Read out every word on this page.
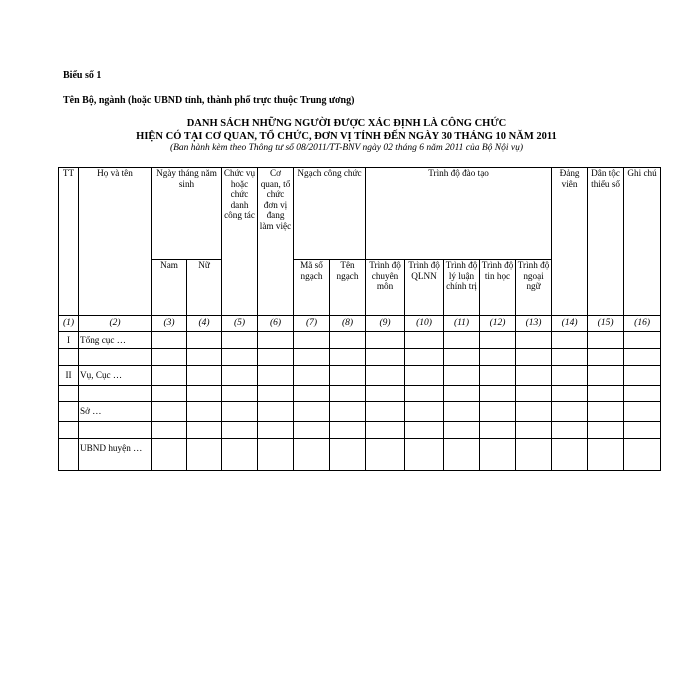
Biểu số 1
Tên Bộ, ngành (hoặc UBND tỉnh, thành phố trực thuộc Trung ương)
DANH SÁCH NHỮNG NGƯỜI ĐƯỢC XÁC ĐỊNH LÀ CÔNG CHỨC
HIỆN CÓ TẠI CƠ QUAN, TỔ CHỨC, ĐƠN VỊ TÍNH ĐẾN NGÀY 30 THÁNG 10 NĂM 2011
(Ban hành kèm theo Thông tư số 08/2011/TT-BNV ngày 02 tháng 6 năm 2011 của Bộ Nội vụ)
TT	Họ và tên	Ngày tháng năm sinh		Chức vụ hoặc chức danh công tác	Cơ quan, tổ chức đơn vị đang làm việc	Ngạch công chức		Trình độ đào tạo					Đảng viên	Dân tộc thiểu số	Ghi chú
		Nam	Nữ			Mã số ngạch	Tên ngạch	Trình độ chuyên môn	Trình độ QLNN	Trình độ lý luận chính trị	Trình độ tin học	Trình độ ngoại ngữ			
(1)	(2)	(3)	(4)	(5)	(6)	(7)	(8)	(9)	(10)	(11)	(12)	(13)	(14)	(15)	(16)
I	Tổng cục …														

II	Vụ, Cục …														

	Sở …														

	UBND huyện …														
